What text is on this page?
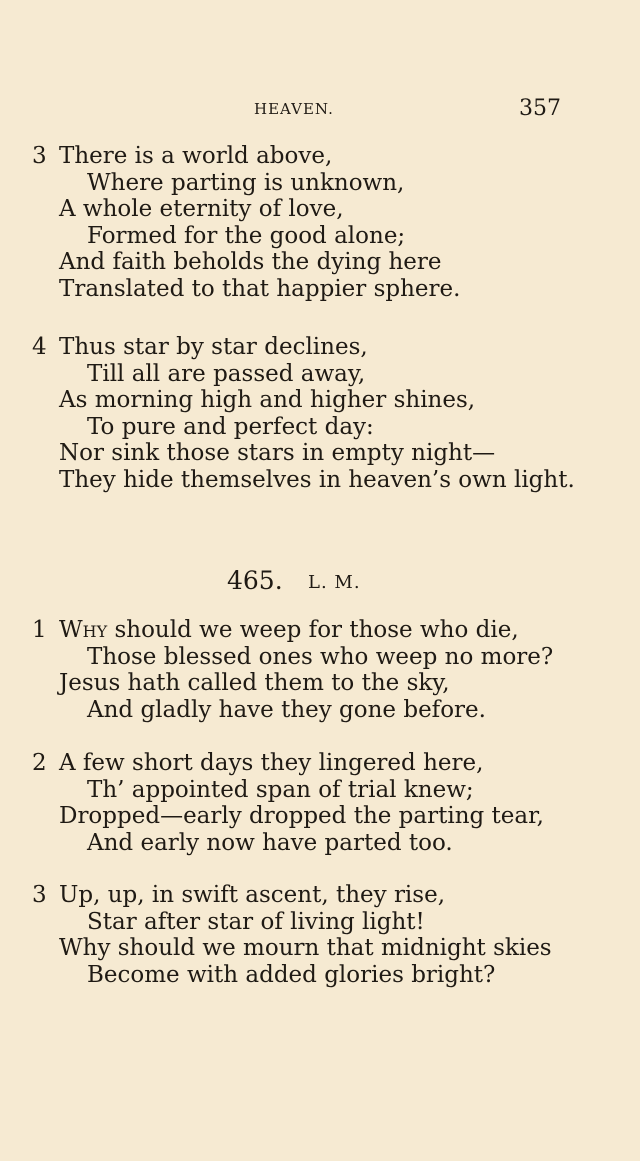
HEAVEN.	357
3 There is a world above,
Where parting is unknown,
A whole eternity of love,
Formed for the good alone;
And faith beholds the dying here
Translated to that happier sphere.
4 Thus star by star declines,
Till all are passed away,
As morning high and higher shines,
To pure and perfect day:
Nor sink those stars in empty night—
They hide themselves in heaven’s own light.
465. L. M.
1 Why should we weep for those who die,
Those blessed ones who weep no more?
Jesus hath called them to the sky,
And gladly have they gone before.
2 A few short days they lingered here,
Th’ appointed span of trial knew;
Dropped—early dropped the parting tear,
And early now have parted too.
3 Up, up, in swift ascent, they rise,
Star after star of living light!
Why should we mourn that midnight skies
Become with added glories bright?
